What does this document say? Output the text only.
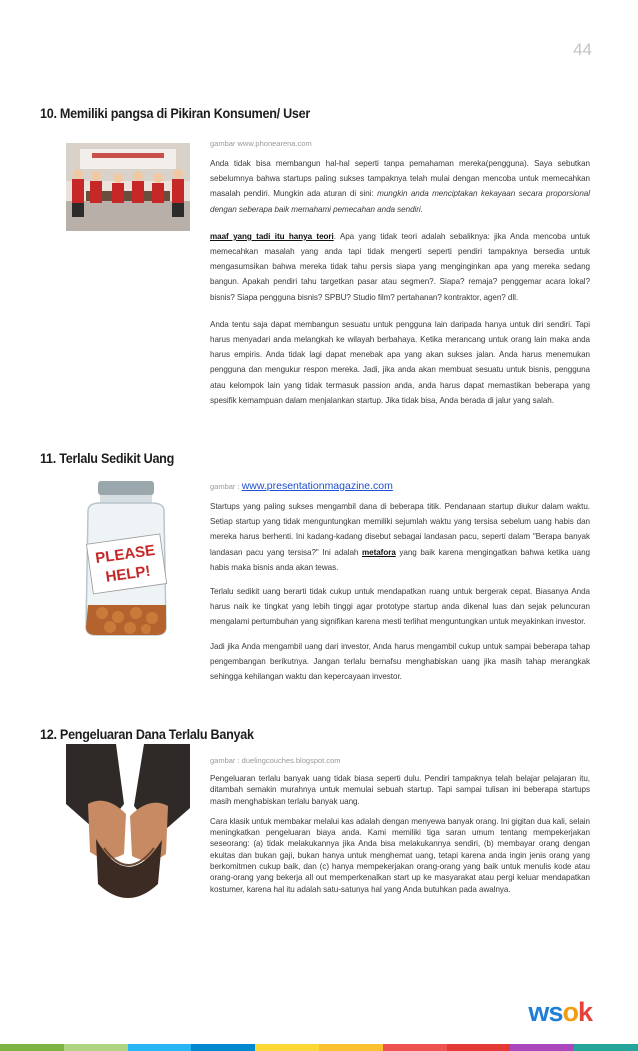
44
10. Memiliki pangsa di Pikiran Konsumen/ User
gambar www.phonearena.com

Anda tidak bisa membangun hal-hal seperti tanpa pemahaman mereka(pengguna). Saya sebutkan sebelumnya bahwa startups paling sukses tampaknya telah mulai dengan mencoba untuk memecahkan masalah pendiri. Mungkin ada aturan di sini: mungkin anda menciptakan kekayaan secara proporsional dengan seberapa baik memahami pemecahan anda sendiri.

maaf yang tadi itu hanya teori. Apa yang tidak teori adalah sebaliknya: jika Anda mencoba untuk memecahkan masalah yang anda tapi tidak mengerti seperti pendiri tampaknya bersedia untuk mengasumsikan bahwa mereka tidak tahu persis siapa yang menginginkan apa yang mereka sedang bangun. Apakah pendiri tahu targetkan pasar atau segmen?. Siapa? remaja? penggemar acara lokal? bisnis? Siapa pengguna bisnis? SPBU? Studio film? pertahanan? kontraktor, agen? dll.

Anda tentu saja dapat membangun sesuatu untuk pengguna lain daripada hanya untuk diri sendiri. Tapi harus menyadari anda melangkah ke wilayah berbahaya. Ketika merancang untuk orang lain maka anda harus empiris. Anda tidak lagi dapat menebak apa yang akan sukses jalan. Anda harus menemukan pengguna dan mengukur respon mereka. Jadi, jika anda akan membuat sesuatu untuk bisnis, pengguna atau kelompok lain yang tidak termasuk passion anda, anda harus dapat memastikan beberapa yang spesifik kemampuan dalam menjalankan startup. Jika tidak bisa, Anda berada di jalur yang salah.

11. Terlalu Sedikit Uang
PLEASE
HELP!
gambar : www.presentationmagazine.com

Startups yang paling sukses mengambil dana di beberapa titik. Pendanaan startup diukur dalam waktu. Setiap startup yang tidak menguntungkan memiliki sejumlah waktu yang tersisa sebelum uang habis dan mereka harus berhenti. Ini kadang-kadang disebut sebagai landasan pacu, seperti dalam "Berapa banyak landasan pacu yang tersisa?" Ini adalah metafora yang baik karena mengingatkan bahwa ketika uang habis maka bisnis anda akan tewas.

Terlalu sedikit uang berarti tidak cukup untuk mendapatkan ruang untuk bergerak cepat. Biasanya Anda harus naik ke tingkat yang lebih tinggi agar prototype startup anda dikenal luas dan sejak peluncuran mengalami pertumbuhan yang signifikan karena mesti terlihat menguntungkan untuk meyakinkan investor.

Jadi jika Anda mengambil uang dari investor, Anda harus mengambil cukup untuk sampai beberapa tahap pengembangan berikutnya. Jangan terlalu bernafsu menghabiskan uang jika masih tahap merangkak sehingga kehilangan waktu dan kepercayaan investor.

12. Pengeluaran Dana Terlalu Banyak
gambar : duelingcouches.blogspot.com

Pengeluaran terlalu banyak uang tidak biasa seperti dulu. Pendiri tampaknya telah belajar pelajaran itu, ditambah semakin murahnya untuk memulai sebuah startup. Tapi sampai tulisan ini beberapa startups masih menghabiskan terlalu banyak uang.

Cara klasik untuk membakar melalui kas adalah dengan menyewa banyak orang. Ini gigitan dua kali, selain meningkatkan pengeluaran biaya anda. Kami memiliki tiga saran umum tentang mempekerjakan seseorang: (a) tidak melakukannya jika Anda bisa melakukannya sendiri, (b) membayar orang dengan ekuitas dan bukan gaji, bukan hanya untuk menghemat uang, tetapi karena anda ingin jenis orang yang berkomitmen cukup baik, dan (c) hanya mempekerjakan orang-orang yang baik untuk menulis kode atau orang-orang yang bekerja all out memperkenalkan start up ke masyarakat atau pergi keluar mendapatkan kostumer, karena hal itu adalah satu-satunya hal yang Anda butuhkan pada awalnya.

wsok
